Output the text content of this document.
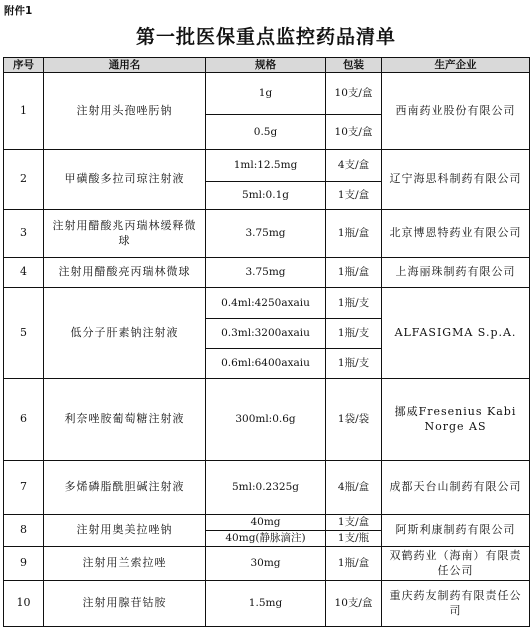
附件1
第一批医保重点监控药品清单
序号	通用名	规格	包装	生产企业
1	注射用头孢唑肟钠	1g	10支/盒	西南药业股份有限公司
		0.5g	10支/盒	
2	甲磺酸多拉司琼注射液	1ml:12.5mg	4支/盒	辽宁海思科制药有限公司
		5ml:0.1g	1支/盒	
3	注射用醋酸兆丙瑞林缓释微球	3.75mg	1瓶/盒	北京博恩特药业有限公司
4	注射用醋酸亮丙瑞林微球	3.75mg	1瓶/盒	上海丽珠制药有限公司
5	低分子肝素钠注射液	0.4ml:4250axaiu	1瓶/支	ALFASIGMA S.p.A.
		0.3ml:3200axaiu	1瓶/支	
		0.6ml:6400axaiu	1瓶/支	
6	利奈唑胺葡萄糖注射液	300ml:0.6g	1袋/袋	挪威Fresenius Kabi Norge AS
7	多烯磷脂酰胆碱注射液	5ml:0.2325g	4瓶/盒	成都天台山制药有限公司
8	注射用奥美拉唑钠	40mg	1支/盒	阿斯利康制药有限公司
		40mg(静脉滴注)	1支/瓶	
9	注射用兰索拉唑	30mg	1瓶/盒	双鹤药业（海南）有限责任公司
10	注射用腺苷钴胺	1.5mg	10支/盒	重庆药友制药有限责任公司
